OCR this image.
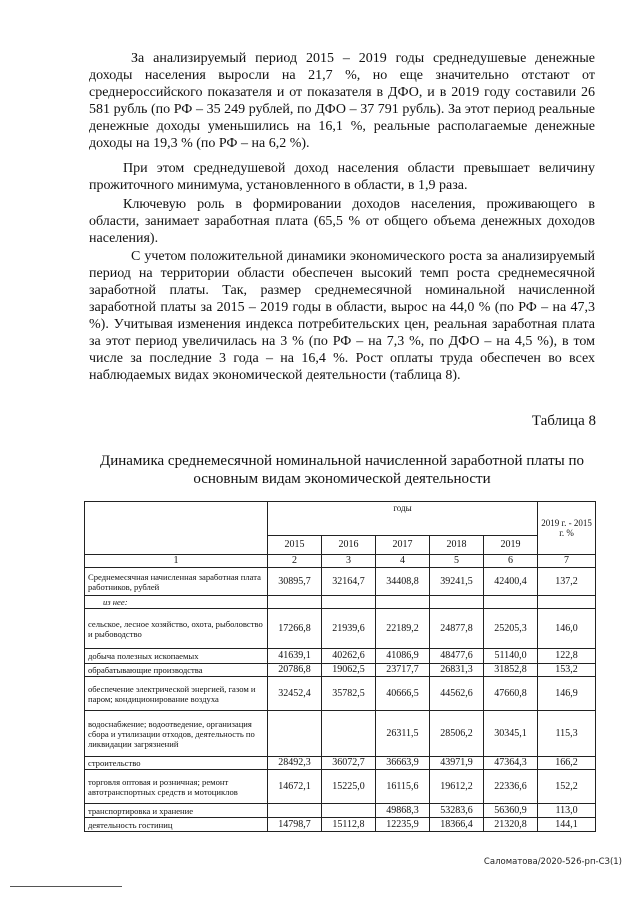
За анализируемый период 2015 – 2019 годы среднедушевые денежные доходы населения выросли на 21,7 %, но еще значительно отстают от среднероссийского показателя и от показателя в ДФО, и в 2019 году составили 26 581 рубль (по РФ – 35 249 рублей, по ДФО – 37 791 рубль). За этот период реальные денежные доходы уменьшились на 16,1 %, реальные располагаемые денежные доходы на 19,3 % (по РФ – на 6,2 %).
При этом среднедушевой доход населения области превышает величину прожиточного минимума, установленного в области, в 1,9 раза.
Ключевую роль в формировании доходов населения, проживающего в области, занимает заработная плата (65,5 % от общего объема денежных доходов населения).
С учетом положительной динамики экономического роста за анализируемый период на территории области обеспечен высокий темп роста среднемесячной заработной платы. Так, размер среднемесячной номинальной начисленной заработной платы за 2015 – 2019 годы в области, вырос на 44,0 % (по РФ – на 47,3 %). Учитывая изменения индекса потребительских цен, реальная заработная плата за этот период увеличилась на 3 % (по РФ – на 7,3 %, по ДФО – на 4,5 %), в том числе за последние 3 года – на 16,4 %. Рост оплаты труда обеспечен во всех наблюдаемых видах экономической деятельности (таблица 8).
Таблица 8
Динамика среднемесячной номинальной начисленной заработной платы по основным видам экономической деятельности
	годы					2019 г. - 2015 г. %
	2015	2016	2017	2018	2019	
1	2	3	4	5	6	7
Среднемесячная начисленная заработная плата работников, рублей	30895,7	32164,7	34408,8	39241,5	42400,4	137,2
из нее:						
сельское, лесное хозяйство, охота, рыболовство и рыбоводство	17266,8	21939,6	22189,2	24877,8	25205,3	146,0
добыча полезных ископаемых	41639,1	40262,6	41086,9	48477,6	51140,0	122,8
обрабатывающие производства	20786,8	19062,5	23717,7	26831,3	31852,8	153,2
обеспечение электрической энергией, газом и паром; кондиционирование воздуха	32452,4	35782,5	40666,5	44562,6	47660,8	146,9
водоснабжение; водоотведение, организация сбора и утилизации отходов, деятельность по ликвидации загрязнений			26311,5	28506,2	30345,1	115,3
строительство	28492,3	36072,7	36663,9	43971,9	47364,3	166,2
торговля оптовая и розничная; ремонт автотранспортных средств и мотоциклов	14672,1	15225,0	16115,6	19612,2	22336,6	152,2
транспортировка и хранение			49868,3	53283,6	56360,9	113,0
деятельность гостиниц	14798,7	15112,8	12235,9	18366,4	21320,8	144,1
Саломатова/2020-526-рп-СЗ(1)
